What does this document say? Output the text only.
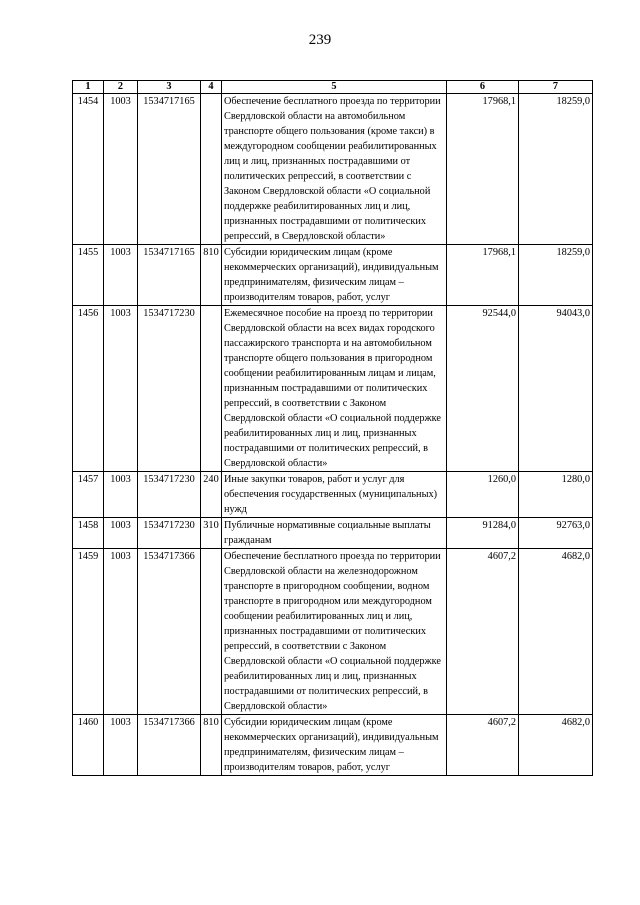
239
1	2	3	4	5	6	7
1454	1003	1534717165		Обеспечение бесплатного проезда по территории Свердловской области на автомобильном транспорте общего пользования (кроме такси) в междугородном сообщении реабилитированных лиц и лиц, признанных пострадавшими от политических репрессий, в соответствии с Законом Свердловской области «О социальной поддержке реабилитированных лиц и лиц, признанных пострадавшими от политических репрессий, в Свердловской области»	17968,1	18259,0
1455	1003	1534717165	810	Субсидии юридическим лицам (кроме некоммерческих организаций), индивидуальным предпринимателям, физическим лицам – производителям товаров, работ, услуг	17968,1	18259,0
1456	1003	1534717230		Ежемесячное пособие на проезд по территории Свердловской области на всех видах городского пассажирского транспорта и на автомобильном транспорте общего пользования в пригородном сообщении реабилитированным лицам и лицам, признанным пострадавшими от политических репрессий, в соответствии с Законом Свердловской области «О социальной поддержке реабилитированных лиц и лиц, признанных пострадавшими от политических репрессий, в Свердловской области»	92544,0	94043,0
1457	1003	1534717230	240	Иные закупки товаров, работ и услуг для обеспечения государственных (муниципальных) нужд	1260,0	1280,0
1458	1003	1534717230	310	Публичные нормативные социальные выплаты гражданам	91284,0	92763,0
1459	1003	1534717366		Обеспечение бесплатного проезда по территории Свердловской области на железнодорожном транспорте в пригородном сообщении, водном транспорте в пригородном или междугородном сообщении реабилитированных лиц и лиц, признанных пострадавшими от политических репрессий, в соответствии с Законом Свердловской области «О социальной поддержке реабилитированных лиц и лиц, признанных пострадавшими от политических репрессий, в Свердловской области»	4607,2	4682,0
1460	1003	1534717366	810	Субсидии юридическим лицам (кроме некоммерческих организаций), индивидуальным предпринимателям, физическим лицам – производителям товаров, работ, услуг	4607,2	4682,0
